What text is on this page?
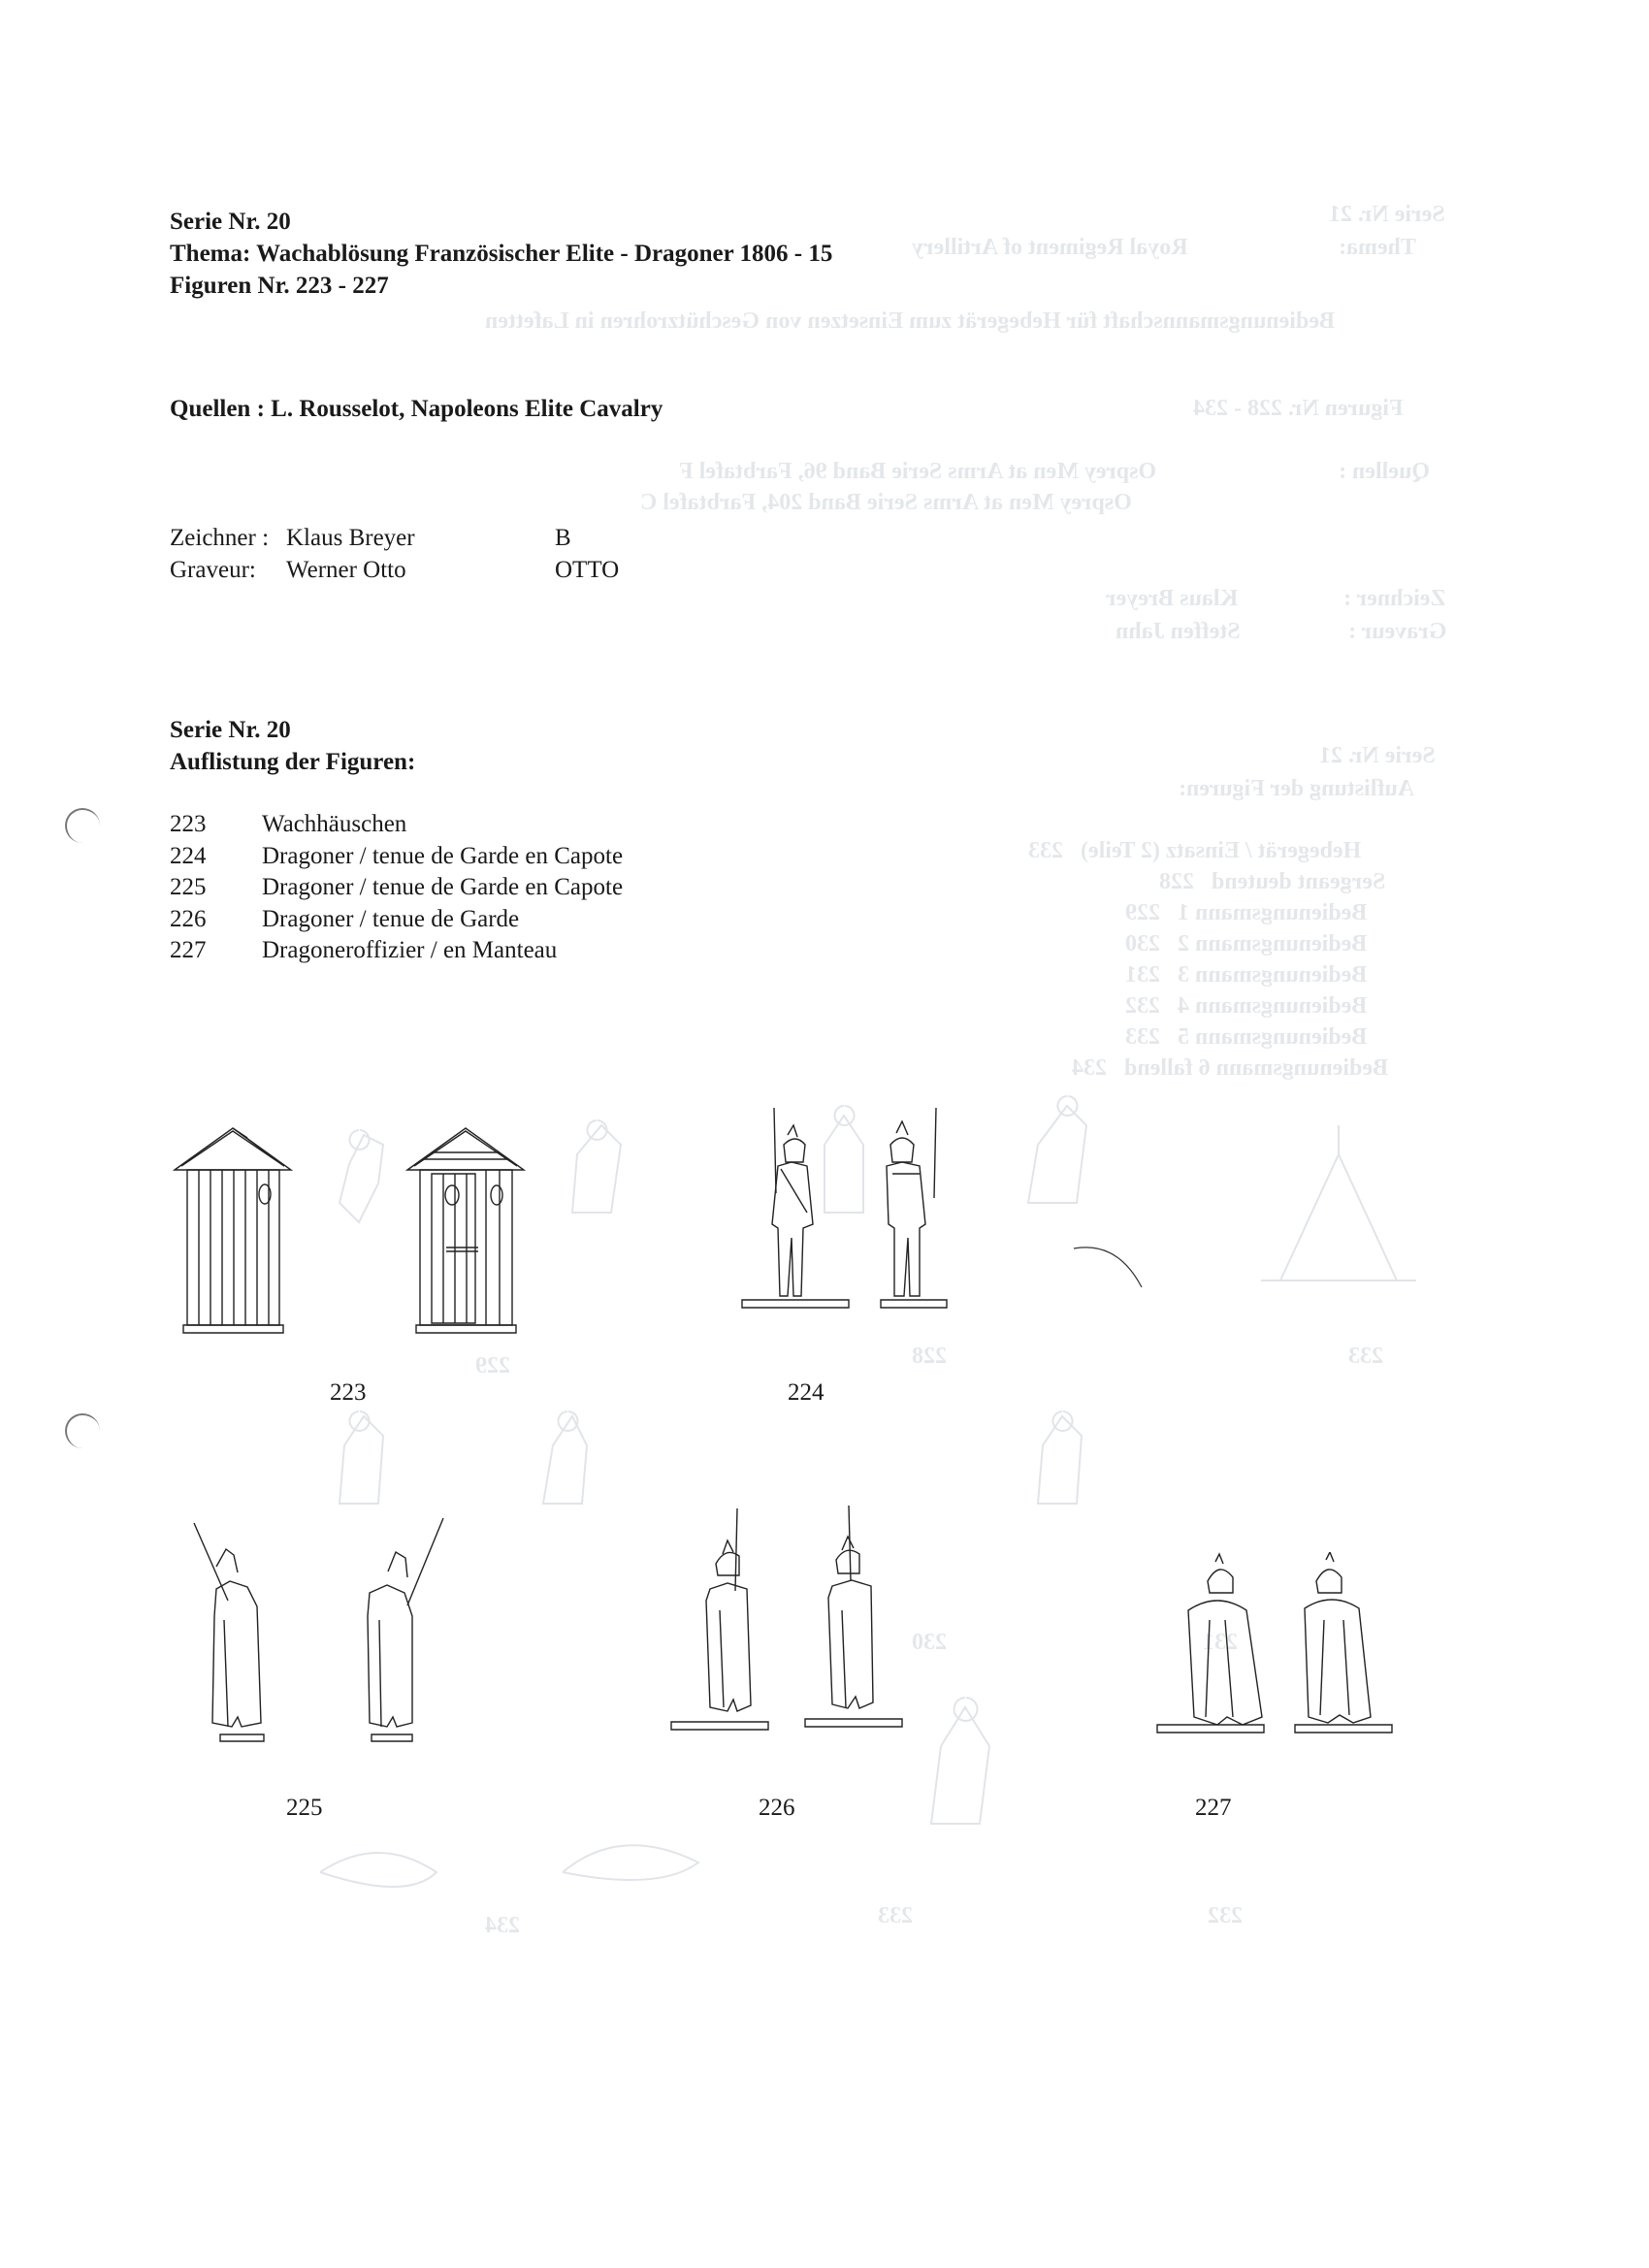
Serie Nr. 21
Thema:
Royal Regiment of Artillery
Bedienungsmannschaft für Hebegerät zum Einsetzen von Geschützrohren in Lafetten
Figuren Nr. 228 - 234
Quellen :
Osprey Men at Arms Serie Band 96, Farbtafel F
Osprey Men at Arms Serie Band 204, Farbtafel C
Zeichner :
Klaus Breyer
Graveur :
Steffen Jahn
Serie Nr. 21
Auflistung der Figuren:
Hebegerät / Einsatz (2 Teile)   233
Sergeant deutend   228
Bedienungsmann 1   229
Bedienungsmann 2   230
Bedienungsmann 3   231
Bedienungsmann 4   232
Bedienungsmann 5   233
Bedienungsmann 6 fallend   234
233
228
229
231
230
232
233
234
Serie Nr. 20
Thema: Wachablösung Französischer Elite - Dragoner 1806 - 15
Figuren Nr. 223 - 227
Quellen : L. Rousselot, Napoleons Elite Cavalry
Zeichner : Klaus Breyer	B
Graveur: Werner Otto	OTTO
Serie Nr. 20
Auflistung der Figuren:
223 Wachhäuschen
224 Dragoner / tenue de Garde en Capote
225 Dragoner / tenue de Garde en Capote
226 Dragoner / tenue de Garde
227 Dragoneroffizier / en Manteau
223	224
225	226	227
